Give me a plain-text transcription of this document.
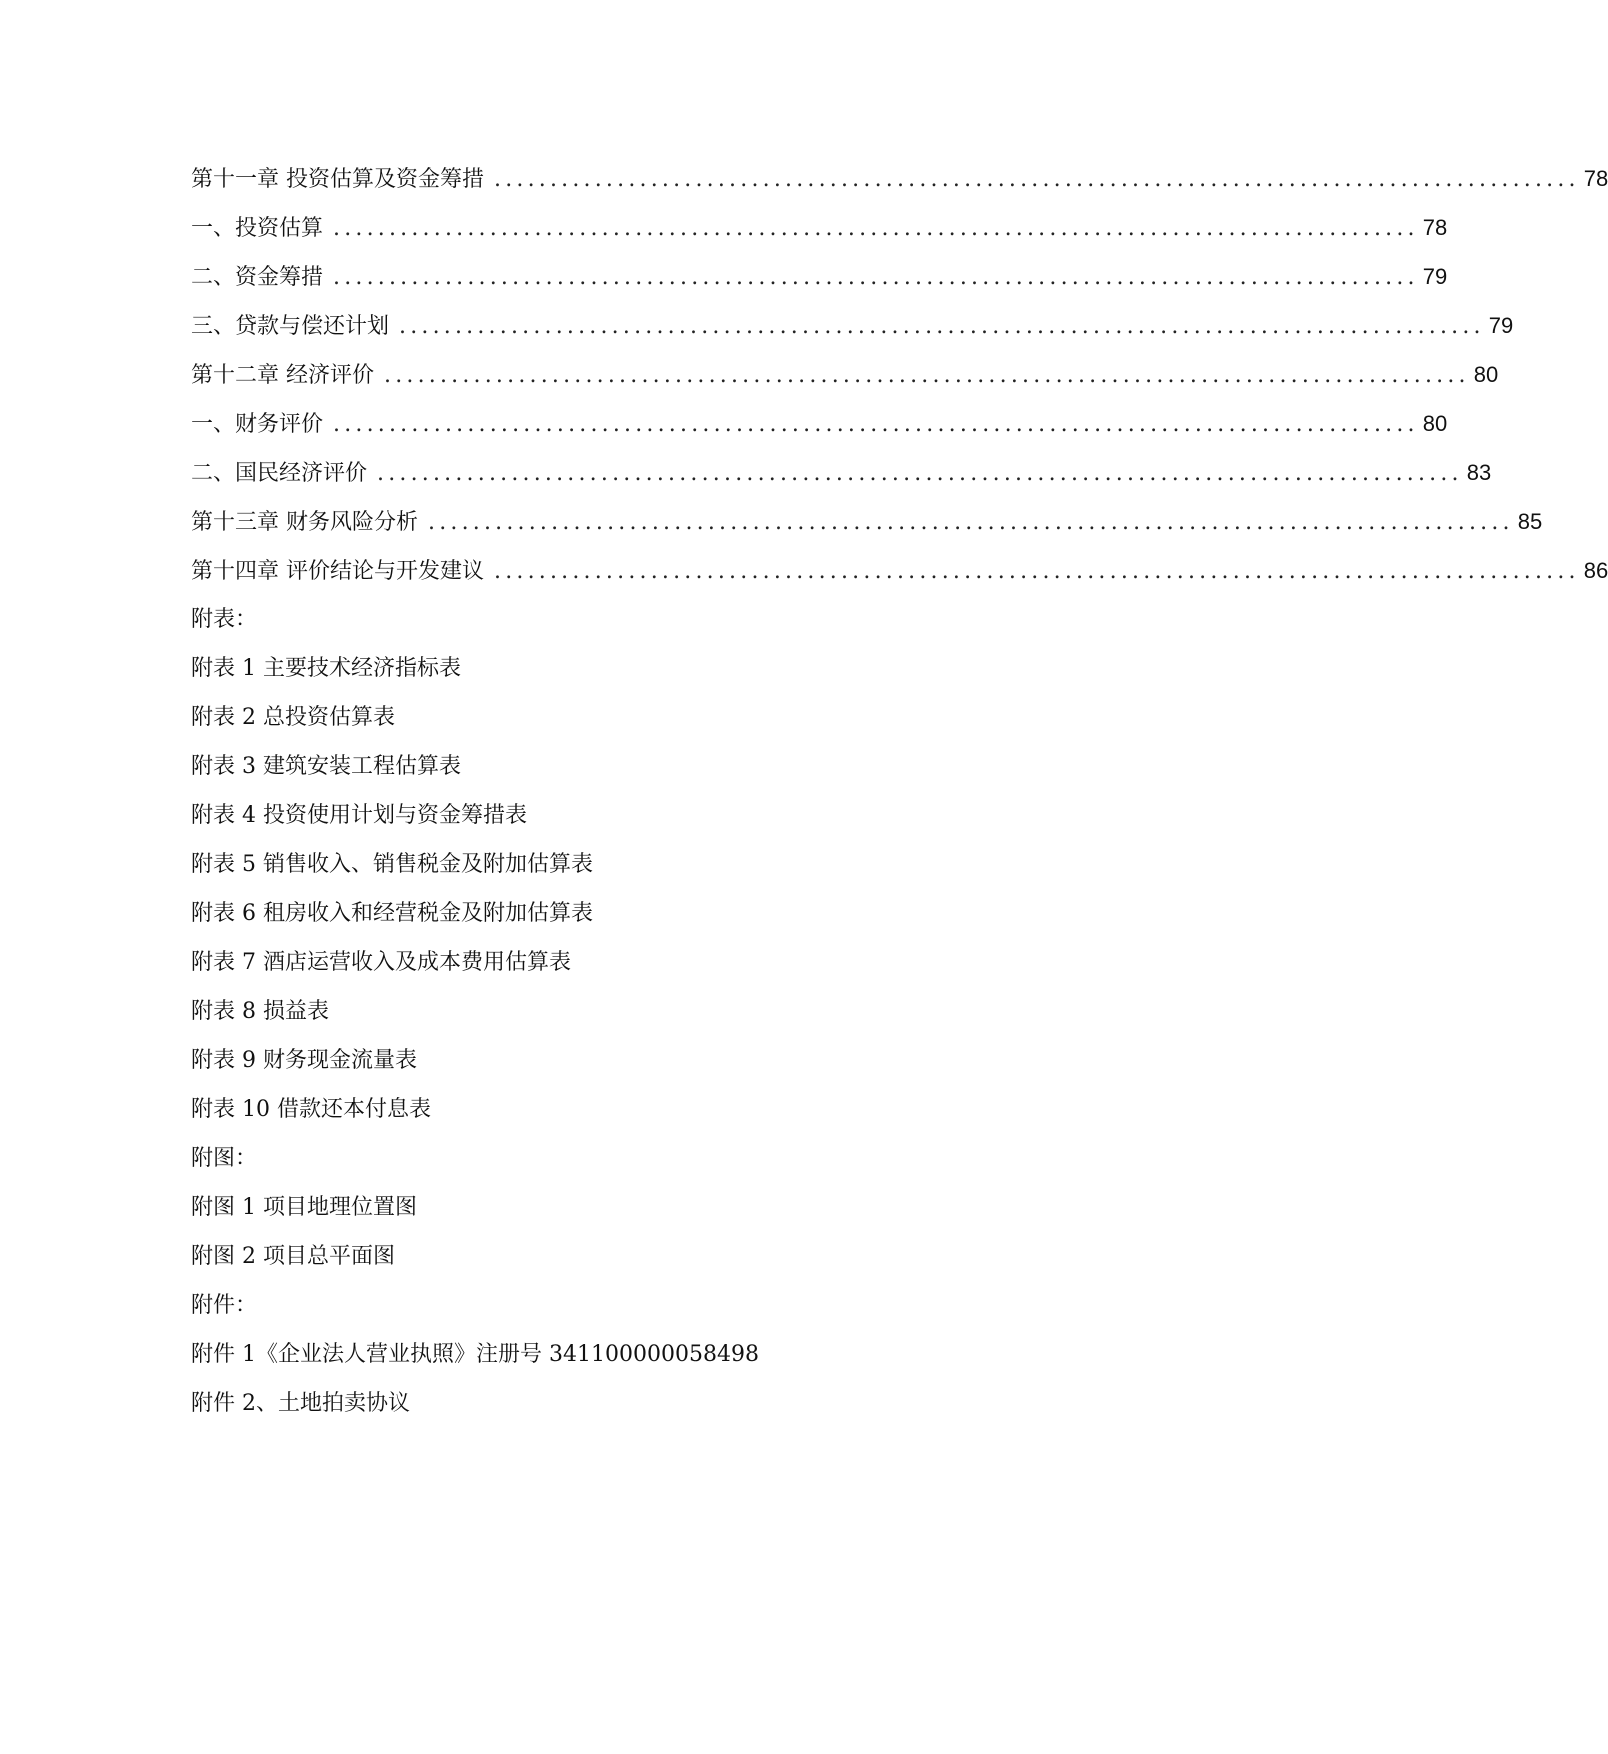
第十一章 投资估算及资金筹措 ................................................................................................. 78
一、投资估算 ................................................................................................. 78
二、资金筹措 ................................................................................................. 79
三、贷款与偿还计划 ................................................................................................. 79
第十二章 经济评价 ................................................................................................. 80
一、财务评价 ................................................................................................. 80
二、国民经济评价 ................................................................................................. 83
第十三章 财务风险分析 ................................................................................................. 85
第十四章 评价结论与开发建议 ................................................................................................. 86
附表：
附表 1 主要技术经济指标表
附表 2 总投资估算表
附表 3 建筑安装工程估算表
附表 4 投资使用计划与资金筹措表
附表 5 销售收入、销售税金及附加估算表
附表 6 租房收入和经营税金及附加估算表
附表 7 酒店运营收入及成本费用估算表
附表 8 损益表
附表 9 财务现金流量表
附表 10 借款还本付息表
附图：
附图 1 项目地理位置图
附图 2 项目总平面图
附件：
附件 1《企业法人营业执照》注册号 341100000058498
附件 2、土地拍卖协议
